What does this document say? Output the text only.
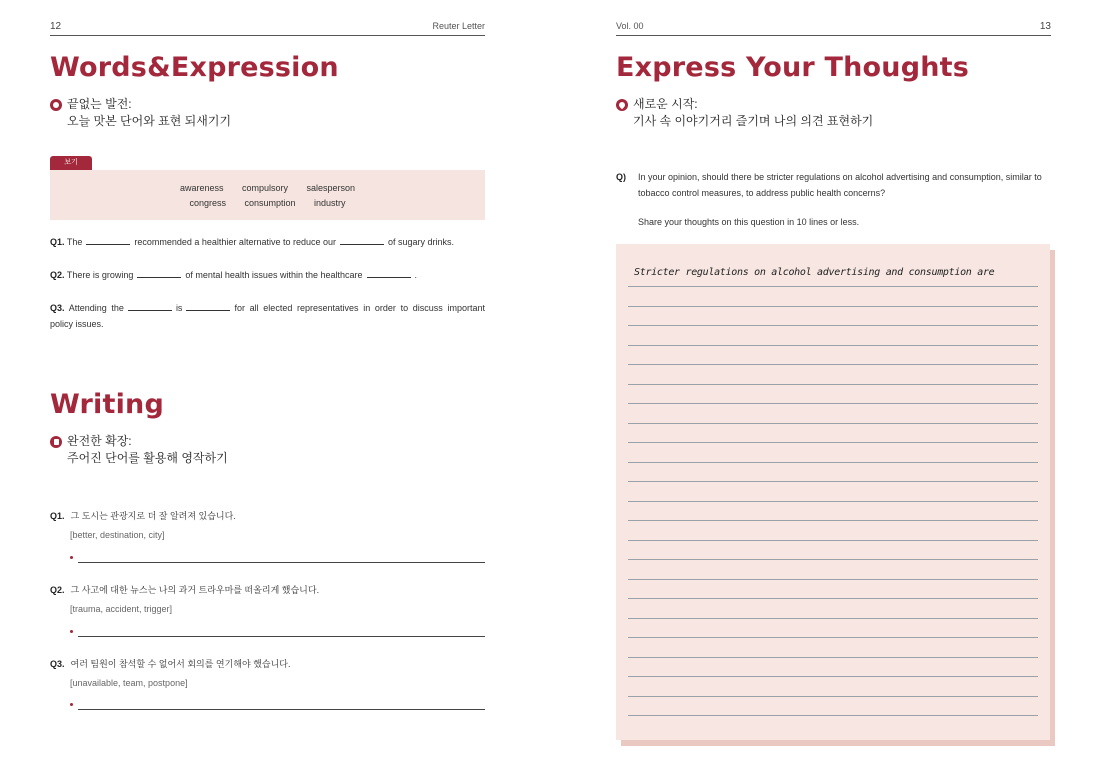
12	Reuter Letter
Words&Expression
끝없는 발전:
오늘 맛본 단어와 표현 되새기기
보기
awareness compulsory salesperson
congress consumption industry
Q1. The	recommended a healthier alternative to reduce our	of sugary drinks.
Q2. There is growing	of mental health issues within the healthcare	.
Q3. Attending the	is	for all elected representatives in order to discuss important policy issues.
Writing
완전한 확장:
주어진 단어를 활용해 영작하기
Q1. 그 도시는 관광지로 더 잘 알려져 있습니다.
[better, destination, city]
Q2. 그 사고에 대한 뉴스는 나의 과거 트라우마를 떠올리게 했습니다.
[trauma, accident, trigger]
Q3. 여러 팀원이 참석할 수 없어서 회의를 연기해야 했습니다.
[unavailable, team, postpone]
Vol. 00	13
Express Your Thoughts
새로운 시작:
기사 속 이야기거리 즐기며 나의 의견 표현하기
Q)	In your opinion, should there be stricter regulations on alcohol advertising and consumption, similar to tobacco control measures, to address public health concerns?
Share your thoughts on this question in 10 lines or less.
Stricter regulations on alcohol advertising and consumption are
